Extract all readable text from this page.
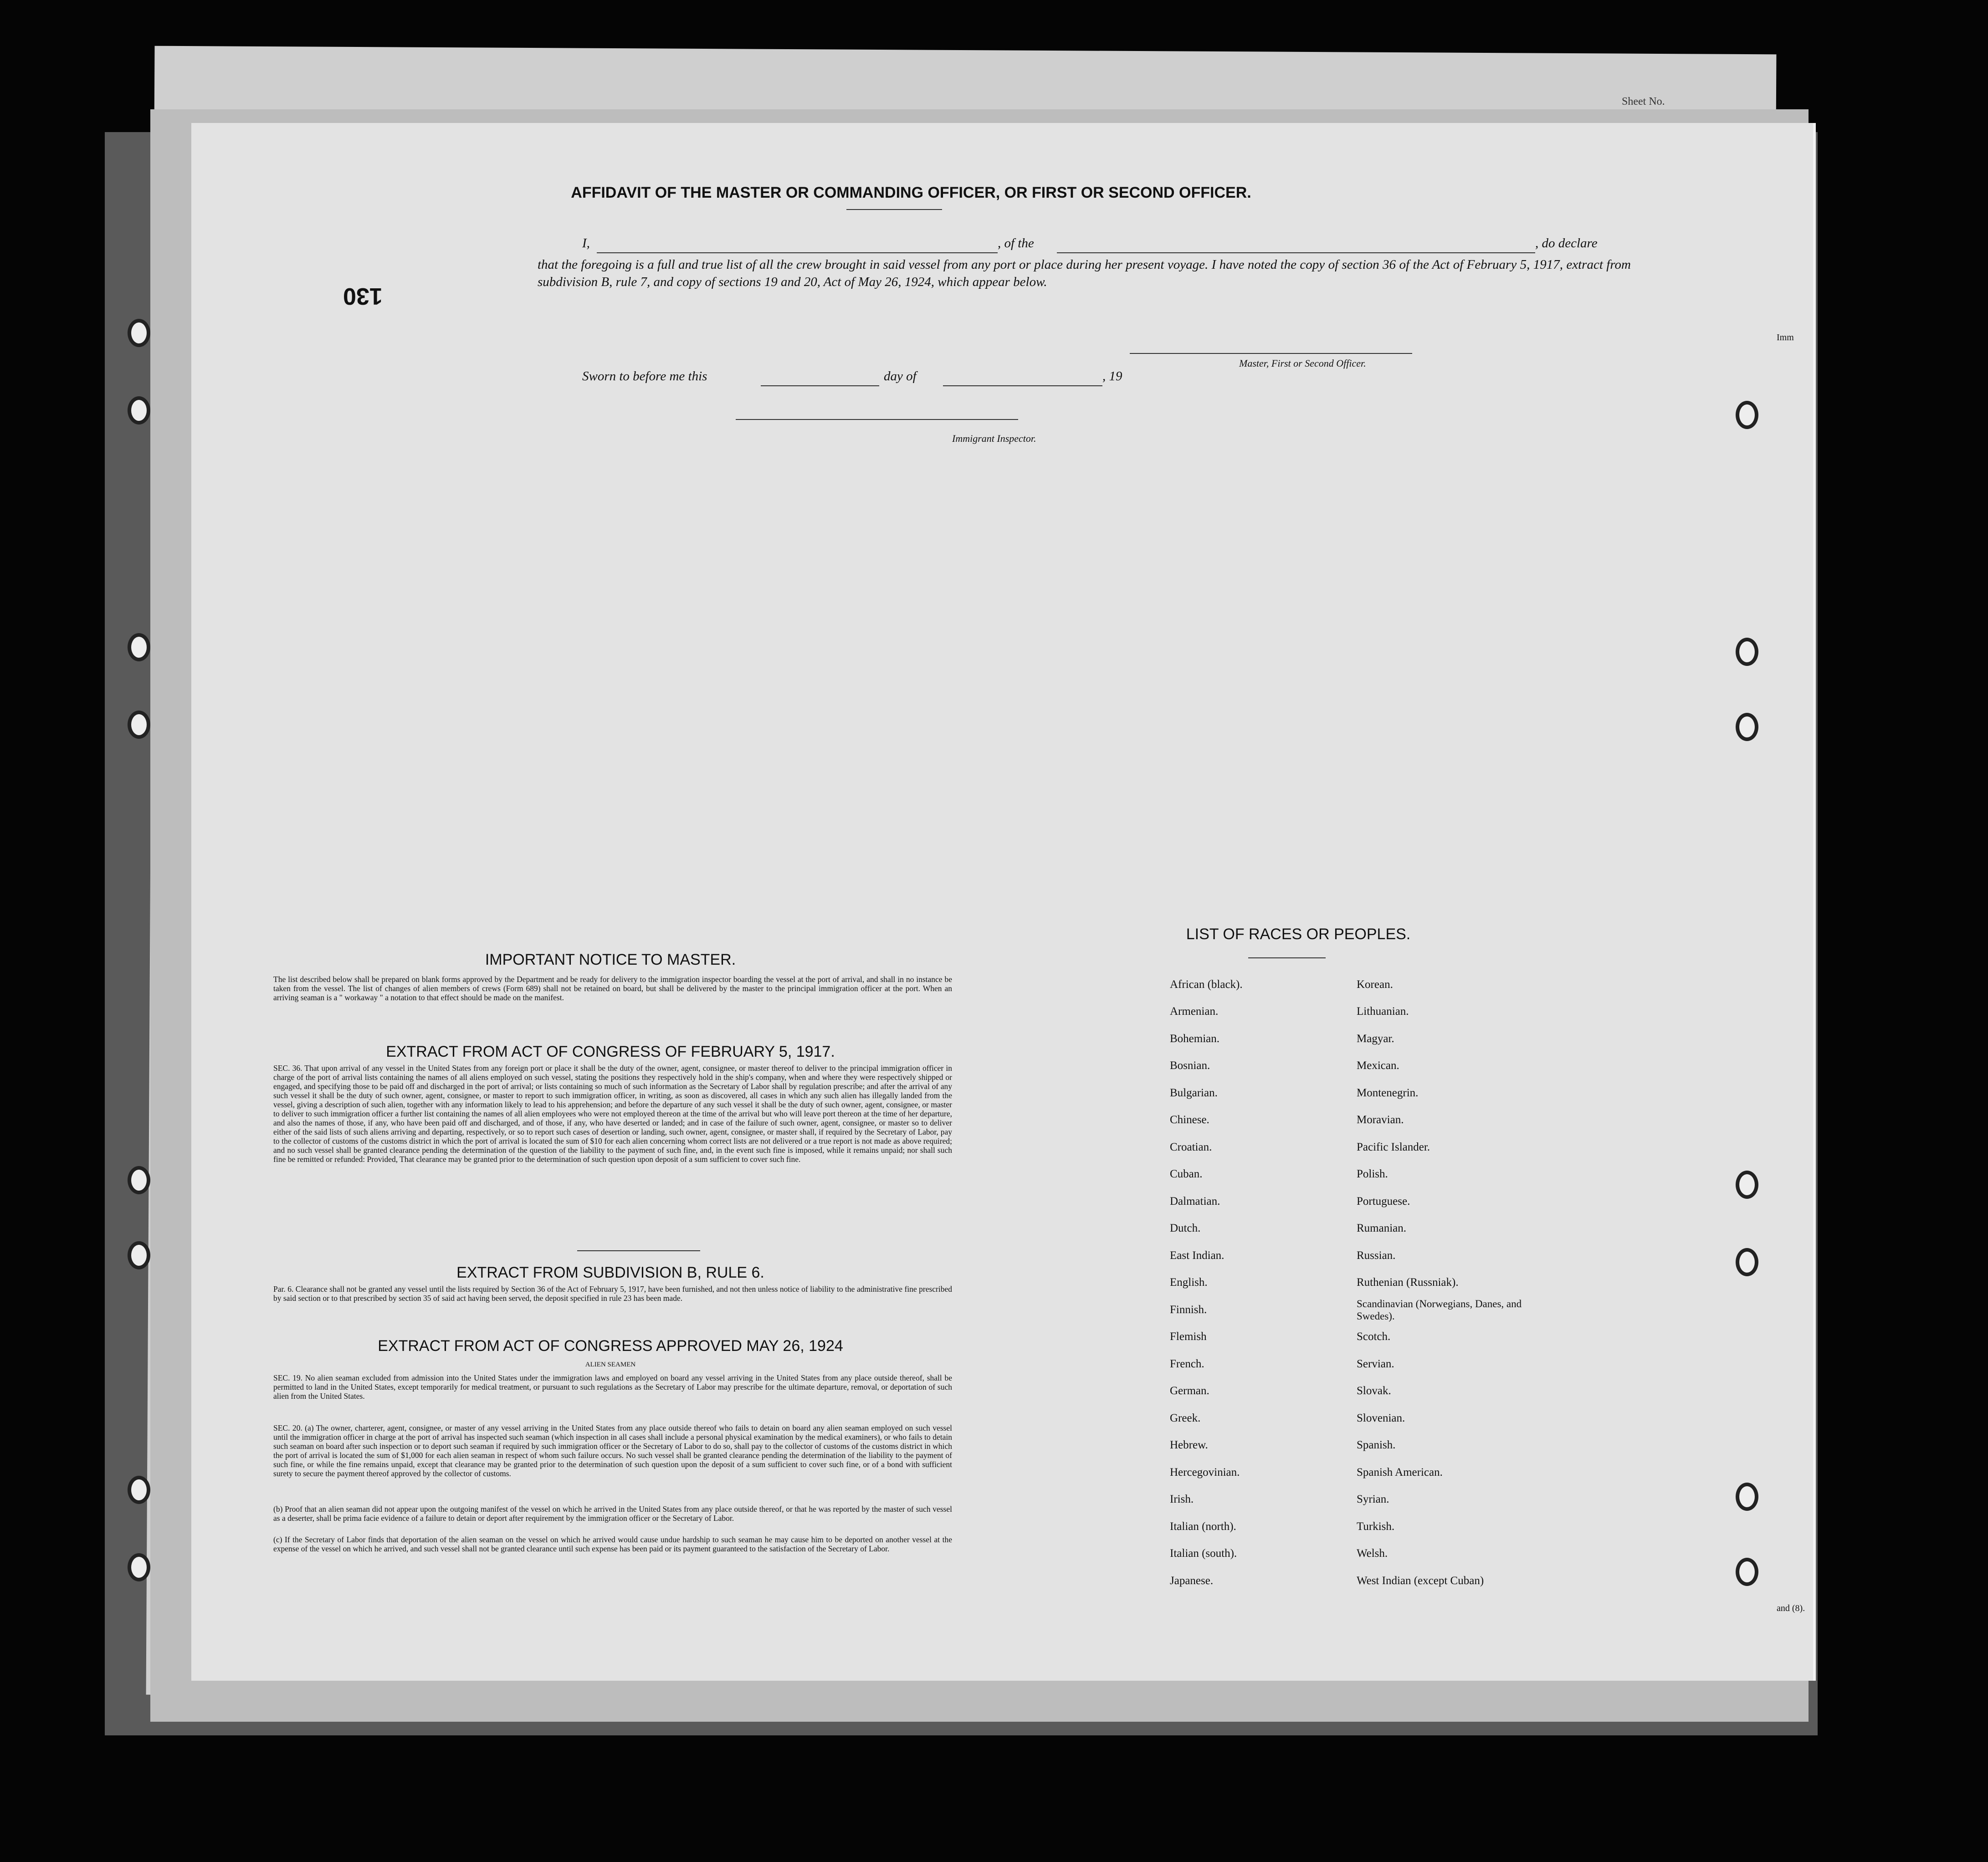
Sheet No.
AFFIDAVIT OF THE MASTER OR COMMANDING OFFICER, OR FIRST OR SECOND OFFICER.
I,	, of the	, do declare
that the foregoing is a full and true list of all the crew brought in said vessel from any port or place during her present voyage. I have noted the copy of section 36 of the Act of February 5, 1917, extract from subdivision B, rule 7, and copy of sections 19 and 20, Act of May 26, 1924, which appear below.
Master, First or Second Officer.
Sworn to before me this	day of	, 19
Immigrant Inspector.
130
IMPORTANT NOTICE TO MASTER.
The list described below shall be prepared on blank forms approved by the Department and be ready for delivery to the immigration inspector boarding the vessel at the port of arrival, and shall in no instance be taken from the vessel. The list of changes of alien members of crews (Form 689) shall not be retained on board, but shall be delivered by the master to the principal immigration officer at the port. When an arriving seaman is a " workaway " a notation to that effect should be made on the manifest.
EXTRACT FROM ACT OF CONGRESS OF FEBRUARY 5, 1917.
SEC. 36. That upon arrival of any vessel in the United States from any foreign port or place it shall be the duty of the owner, agent, consignee, or master thereof to deliver to the principal immigration officer in charge of the port of arrival lists containing the names of all aliens employed on such vessel, stating the positions they respectively hold in the ship's company, when and where they were respectively shipped or engaged, and specifying those to be paid off and discharged in the port of arrival; or lists containing so much of such information as the Secretary of Labor shall by regulation prescribe; and after the arrival of any such vessel it shall be the duty of such owner, agent, consignee, or master to report to such immigration officer, in writing, as soon as discovered, all cases in which any such alien has illegally landed from the vessel, giving a description of such alien, together with any information likely to lead to his apprehension; and before the departure of any such vessel it shall be the duty of such owner, agent, consignee, or master to deliver to such immigration officer a further list containing the names of all alien employees who were not employed thereon at the time of the arrival but who will leave port thereon at the time of her departure, and also the names of those, if any, who have been paid off and discharged, and of those, if any, who have deserted or landed; and in case of the failure of such owner, agent, consignee, or master so to deliver either of the said lists of such aliens arriving and departing, respectively, or so to report such cases of desertion or landing, such owner, agent, consignee, or master shall, if required by the Secretary of Labor, pay to the collector of customs of the customs district in which the port of arrival is located the sum of $10 for each alien concerning whom correct lists are not delivered or a true report is not made as above required; and no such vessel shall be granted clearance pending the determination of the question of the liability to the payment of such fine, and, in the event such fine is imposed, while it remains unpaid; nor shall such fine be remitted or refunded: Provided, That clearance may be granted prior to the determination of such question upon deposit of a sum sufficient to cover such fine.
EXTRACT FROM SUBDIVISION B, RULE 6.
Par. 6. Clearance shall not be granted any vessel until the lists required by Section 36 of the Act of February 5, 1917, have been furnished, and not then unless notice of liability to the administrative fine prescribed by said section or to that prescribed by section 35 of said act having been served, the deposit specified in rule 23 has been made.
EXTRACT FROM ACT OF CONGRESS APPROVED MAY 26, 1924
ALIEN SEAMEN
SEC. 19. No alien seaman excluded from admission into the United States under the immigration laws and employed on board any vessel arriving in the United States from any place outside thereof, shall be permitted to land in the United States, except temporarily for medical treatment, or pursuant to such regulations as the Secretary of Labor may prescribe for the ultimate departure, removal, or deportation of such alien from the United States.
SEC. 20. (a) The owner, charterer, agent, consignee, or master of any vessel arriving in the United States from any place outside thereof who fails to detain on board any alien seaman employed on such vessel until the immigration officer in charge at the port of arrival has inspected such seaman (which inspection in all cases shall include a personal physical examination by the medical examiners), or who fails to detain such seaman on board after such inspection or to deport such seaman if required by such immigration officer or the Secretary of Labor to do so, shall pay to the collector of customs of the customs district in which the port of arrival is located the sum of $1,000 for each alien seaman in respect of whom such failure occurs. No such vessel shall be granted clearance pending the determination of the liability to the payment of such fine, or while the fine remains unpaid, except that clearance may be granted prior to the determination of such question upon the deposit of a sum sufficient to cover such fine, or of a bond with sufficient surety to secure the payment thereof approved by the collector of customs.
(b) Proof that an alien seaman did not appear upon the outgoing manifest of the vessel on which he arrived in the United States from any place outside thereof, or that he was reported by the master of such vessel as a deserter, shall be prima facie evidence of a failure to detain or deport after requirement by the immigration officer or the Secretary of Labor.
(c) If the Secretary of Labor finds that deportation of the alien seaman on the vessel on which he arrived would cause undue hardship to such seaman he may cause him to be deported on another vessel at the expense of the vessel on which he arrived, and such vessel shall not be granted clearance until such expense has been paid or its payment guaranteed to the satisfaction of the Secretary of Labor.
LIST OF RACES OR PEOPLES.
African (black).	Korean.
Armenian.	Lithuanian.
Bohemian.	Magyar.
Bosnian.	Mexican.
Bulgarian.	Montenegrin.
Chinese.	Moravian.
Croatian.	Pacific Islander.
Cuban.	Polish.
Dalmatian.	Portuguese.
Dutch.	Rumanian.
East Indian.	Russian.
English.	Ruthenian (Russniak).
Finnish.	Scandinavian (Norwegians, Danes, and Swedes).
Flemish	Scotch.
French.	Servian.
German.	Slovak.
Greek.	Slovenian.
Hebrew.	Spanish.
Hercegovinian.	Spanish American.
Irish.	Syrian.
Italian (north).	Turkish.
Italian (south).	Welsh.
Japanese.	West Indian (except Cuban)
Imm
and (8).
